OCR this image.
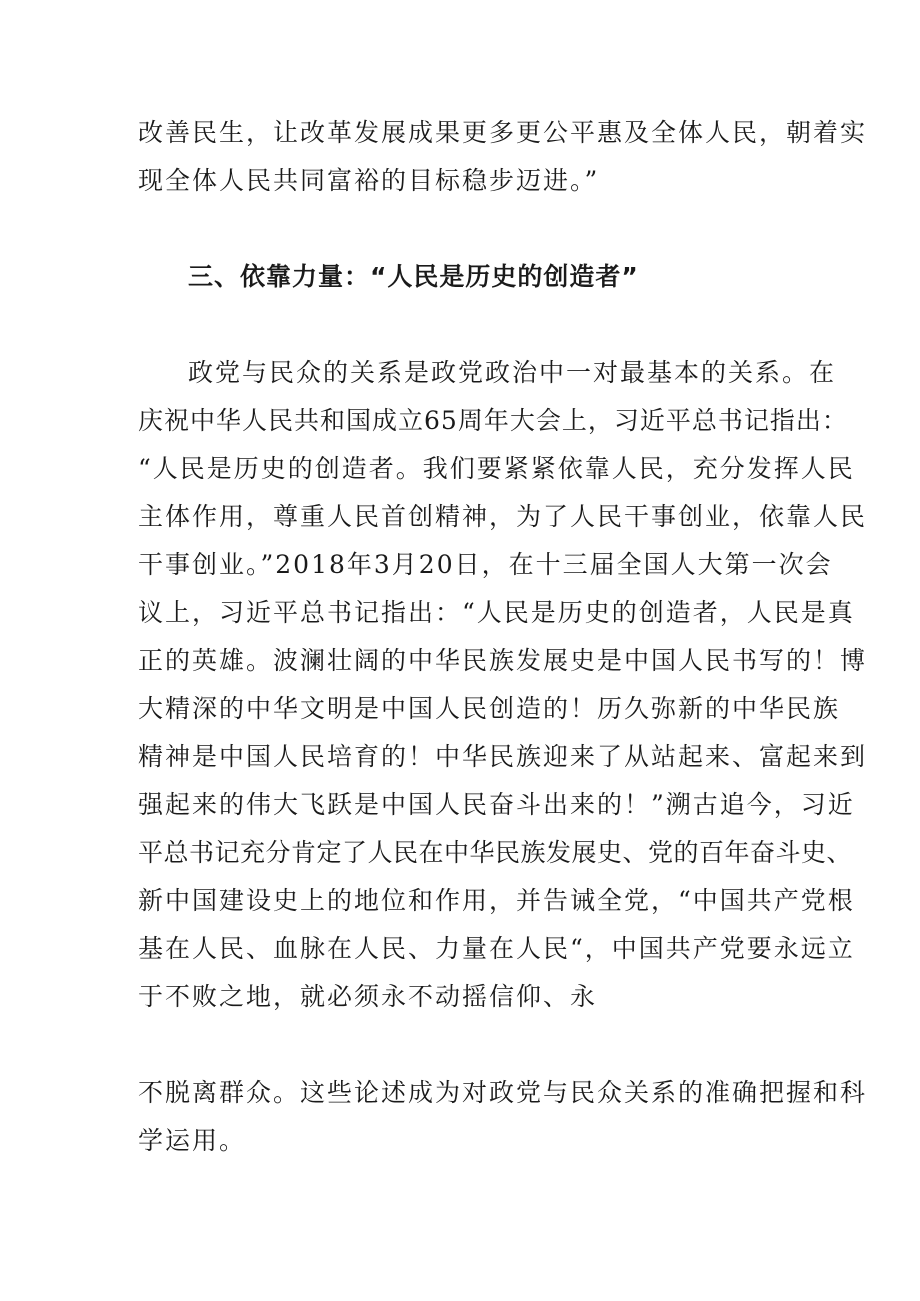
改善民生，让改革发展成果更多更公平惠及全体人民，朝着实
现全体人民共同富裕的目标稳步迈进。”
三、依靠力量：“人民是历史的创造者”
政党与民众的关系是政党政治中一对最基本的关系。在
庆祝中华人民共和国成立65周年大会上，习近平总书记指出：
“人民是历史的创造者。我们要紧紧依靠人民，充分发挥人民
主体作用，尊重人民首创精神，为了人民干事创业，依靠人民
干事创业。”2018年3月20日，在十三届全国人大第一次会
议上，习近平总书记指出：“人民是历史的创造者，人民是真
正的英雄。波澜壮阔的中华民族发展史是中国人民书写的！博
大精深的中华文明是中国人民创造的！历久弥新的中华民族
精神是中国人民培育的！中华民族迎来了从站起来、富起来到
强起来的伟大飞跃是中国人民奋斗出来的！”溯古追今，习近
平总书记充分肯定了人民在中华民族发展史、党的百年奋斗史、
新中国建设史上的地位和作用，并告诫全党，“中国共产党根
基在人民、血脉在人民、力量在人民“，中国共产党要永远立
于不败之地，就必须永不动摇信仰、永
不脱离群众。这些论述成为对政党与民众关系的准确把握和科
学运用。
